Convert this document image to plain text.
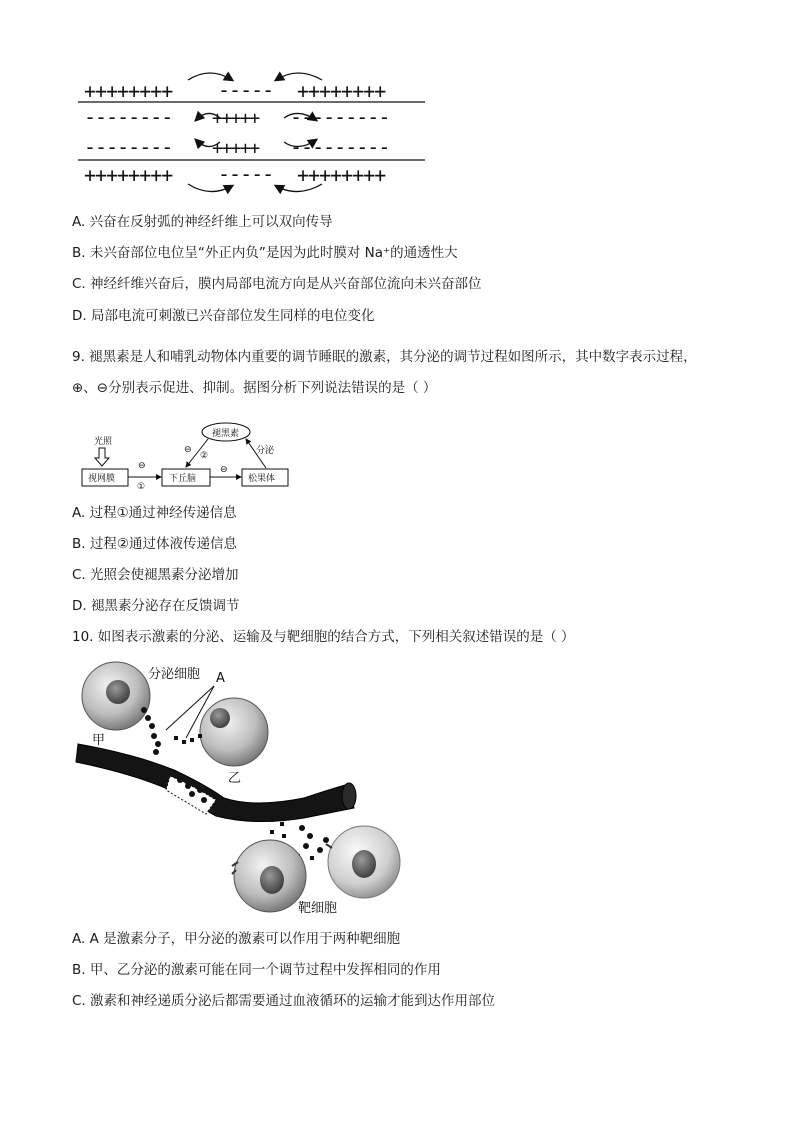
++++++++ ----- ++++++++
-------- +++++ ---------
-------- +++++ ---------
++++++++ ----- ++++++++
A. 兴奋在反射弧的神经纤维上可以双向传导
B. 未兴奋部位电位呈“外正内负”是因为此时膜对 Na⁺的通透性大
C. 神经纤维兴奋后，膜内局部电流方向是从兴奋部位流向未兴奋部位
D. 局部电流可刺激已兴奋部位发生同样的电位变化
9. 褪黑素是人和哺乳动物体内重要的调节睡眠的激素，其分泌的调节过程如图所示，其中数字表示过程，
⊕、⊖分别表示促进、抑制。据图分析下列说法错误的是（ ）
光照
视网膜	下丘脑	松果体
褪黑素
⊖
①
⊖
⊖
②	分泌
A. 过程①通过神经传递信息
B. 过程②通过体液传递信息
C. 光照会使褪黑素分泌增加
D. 褪黑素分泌存在反馈调节
10. 如图表示激素的分泌、运输及与靶细胞的结合方式，下列相关叙述错误的是（ ）
分泌细胞 A
甲
乙
靶细胞
A. A 是激素分子，甲分泌的激素可以作用于两种靶细胞
B. 甲、乙分泌的激素可能在同一个调节过程中发挥相同的作用
C. 激素和神经递质分泌后都需要通过血液循环的运输才能到达作用部位
